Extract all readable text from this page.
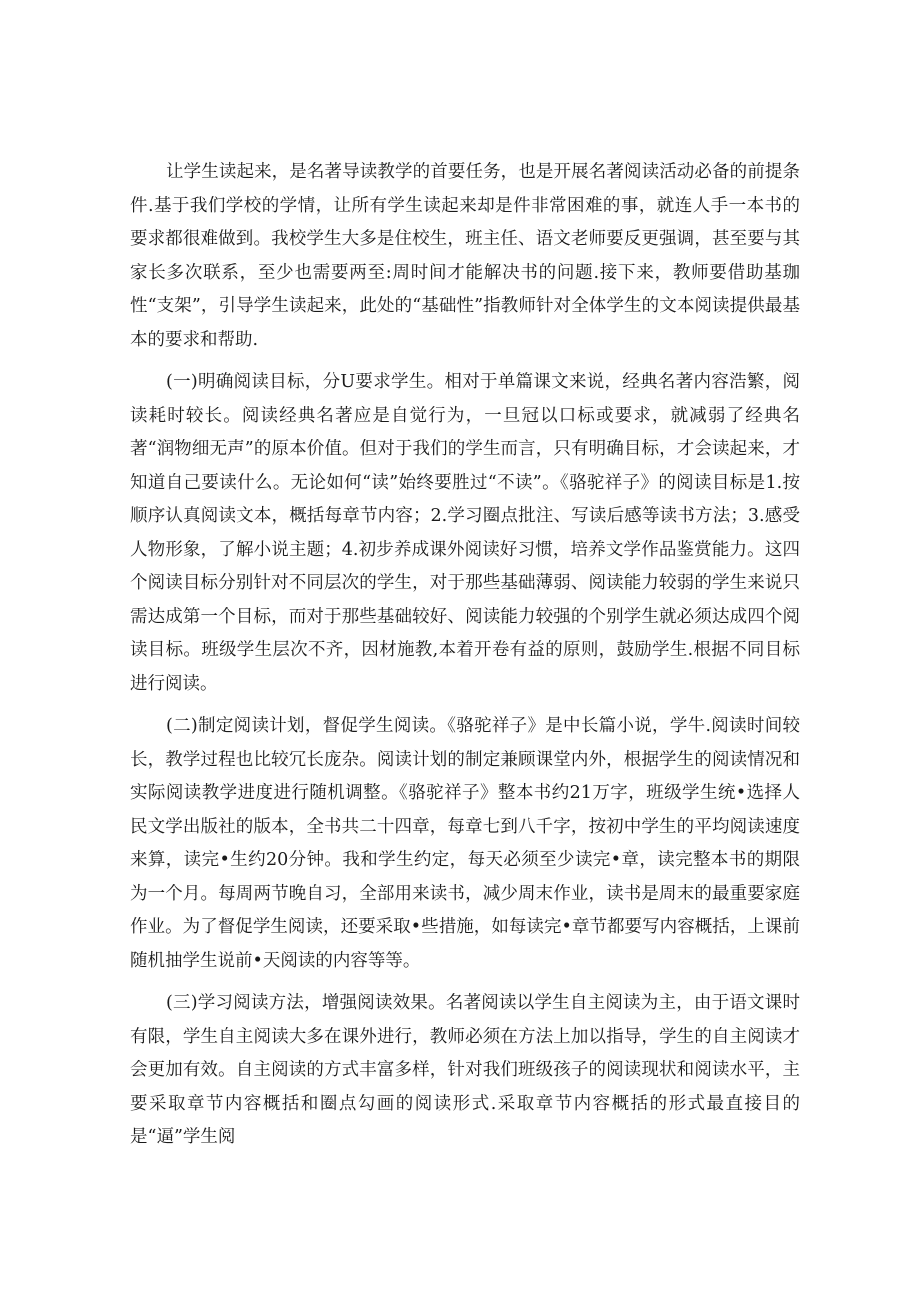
让学生读起来，是名著导读教学的首要任务，也是开展名著阅读活动必备的前提条件.基于我们学校的学情，让所有学生读起来却是件非常困难的事，就连人手一本书的要求都很难做到。我校学生大多是住校生，班主任、语文老师要反更强调，甚至要与其家长多次联系，至少也需要两至:周时间才能解决书的问题.接下来，教师要借助基珈性“支架”，引导学生读起来，此处的“基础性”指教师针对全体学生的文本阅读提供最基本的要求和帮助.

(一)明确阅读目标，分U要求学生。相对于单篇课文来说，经典名著内容浩繁，阅读耗时较长。阅读经典名著应是自觉行为，一旦冠以口标或要求，就减弱了经典名著“润物细无声”的原本价值。但对于我们的学生而言，只有明确目标，才会读起来，才知道自己要读什么。无论如何“读”始终要胜过“不读”。《骆驼祥子》的阅读目标是1.按顺序认真阅读文本，概括每章节内容；2.学习圈点批注、写读后感等读书方法；3.感受人物形象，了解小说主题；4.初步养成课外阅读好习惯，培养文学作品鉴赏能力。这四个阅读目标分别针对不同层次的学生，对于那些基础薄弱、阅读能力较弱的学生来说只需达成第一个目标，而对于那些基础较好、阅读能力较强的个别学生就必须达成四个阅读目标。班级学生层次不齐，因材施教,本着开卷有益的原则，鼓励学生.根据不同目标进行阅读。

(二)制定阅读计划，督促学生阅读。《骆驼祥子》是中长篇小说，学牛.阅读时间较长，教学过程也比较冗长庞杂。阅读计划的制定兼顾课堂内外，根据学生的阅读情况和实际阅读教学进度进行随机调整。《骆驼祥子》整本书约21万字，班级学生统•选择人民文学出版社的版本，全书共二十四章，每章七到八千字，按初中学生的平均阅读速度来算，读完•生约20分钟。我和学生约定，每天必须至少读完•章，读完整本书的期限为一个月。每周两节晚自习，全部用来读书，减少周末作业，读书是周末的最重要家庭作业。为了督促学生阅读，还要采取•些措施，如每读完•章节都要写内容概括，上课前随机抽学生说前•天阅读的内容等等。

(三)学习阅读方法，增强阅读效果。名著阅读以学生自主阅读为主，由于语文课时有限，学生自主阅读大多在课外进行，教师必须在方法上加以指导，学生的自主阅读才会更加有效。自主阅读的方式丰富多样，针对我们班级孩子的阅读现状和阅读水平，主要采取章节内容概括和圈点勾画的阅读形式.采取章节内容概括的形式最直接目的是“逼”学生阅
